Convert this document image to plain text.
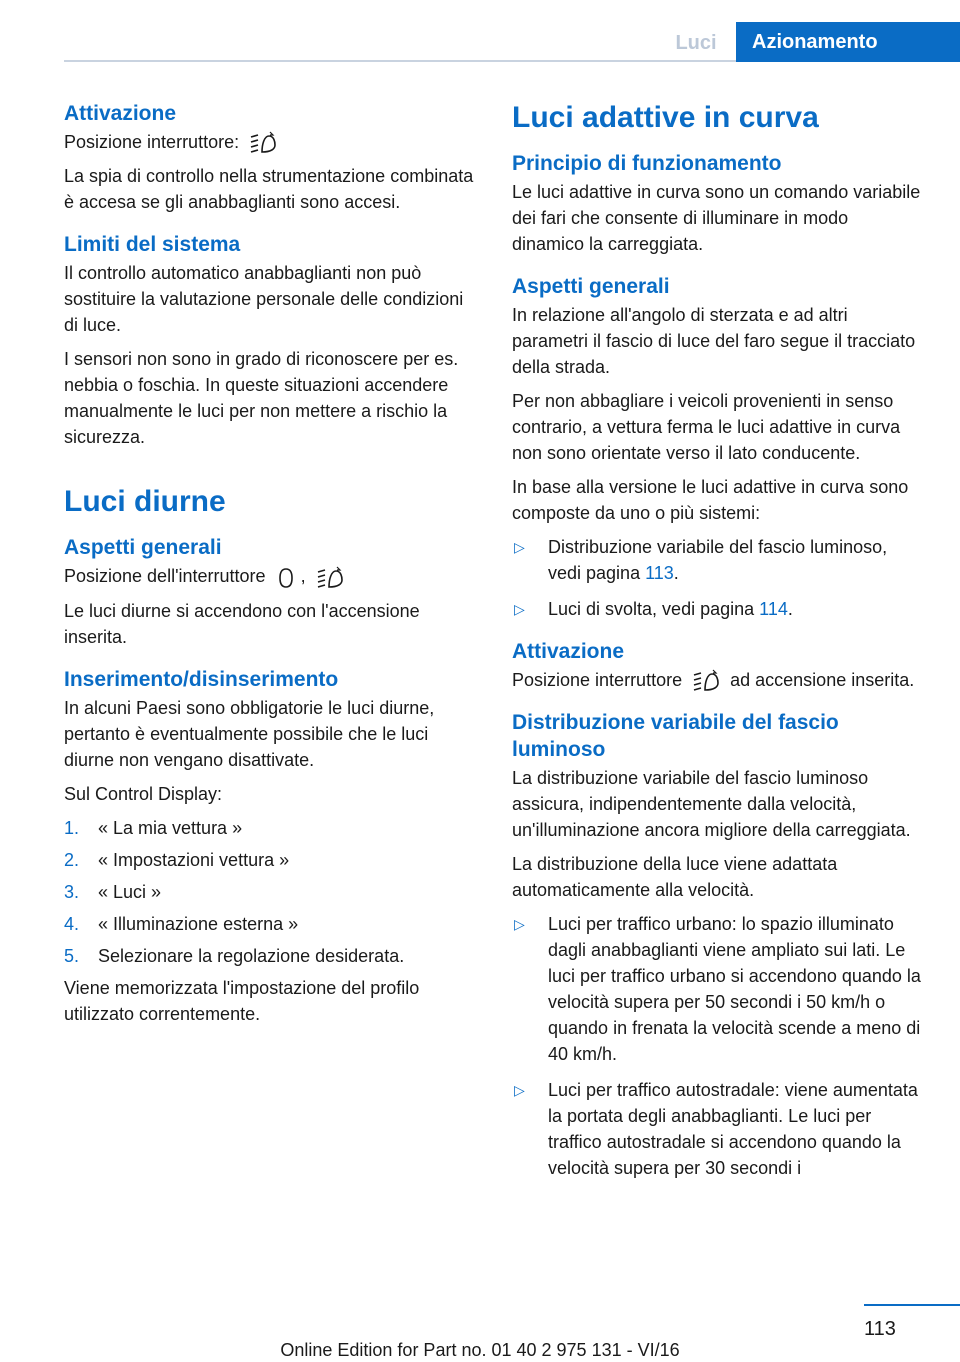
Luci	Azionamento
Attivazione

Posizione interruttore:

La spia di controllo nella strumentazione combinata è accesa se gli anabbaglianti sono accesi.

Limiti del sistema

Il controllo automatico anabbaglianti non può sostituire la valutazione personale delle condizioni di luce.

I sensori non sono in grado di riconoscere per es. nebbia o foschia. In queste situazioni accendere manualmente le luci per non mettere a rischio la sicurezza.

Luci diurne
Aspetti generali

Posizione dell'interruttore ,

Le luci diurne si accendono con l'accensione inserita.

Inserimento/disinserimento

In alcuni Paesi sono obbligatorie le luci diurne, pertanto è eventualmente possibile che le luci diurne non vengano disattivate.

Sul Control Display:

1.	« La mia vettura »
2.	« Impostazioni vettura »
3.	« Luci »
4.	« Illuminazione esterna »
5.	Selezionare la regolazione desiderata.

Viene memorizzata l'impostazione del profilo utilizzato correntemente.

Luci adattive in curva
Principio di funzionamento

Le luci adattive in curva sono un comando variabile dei fari che consente di illuminare in modo dinamico la carreggiata.

Aspetti generali

In relazione all'angolo di sterzata e ad altri parametri il fascio di luce del faro segue il tracciato della strada.

Per non abbagliare i veicoli provenienti in senso contrario, a vettura ferma le luci adattive in curva non sono orientate verso il lato conducente.

In base alla versione le luci adattive in curva sono composte da uno o più sistemi:

▷	Distribuzione variabile del fascio luminoso, vedi pagina 113.
▷	Luci di svolta, vedi pagina 114.
Attivazione

Posizione interruttore	ad accensione inserita.

Distribuzione variabile del fascio luminoso

La distribuzione variabile del fascio luminoso assicura, indipendentemente dalla velocità, un'illuminazione ancora migliore della carreggiata.

La distribuzione della luce viene adattata automaticamente alla velocità.

▷	Luci per traffico urbano: lo spazio illuminato dagli anabbaglianti viene ampliato sui lati. Le luci per traffico urbano si accendono quando la velocità supera per 50 secondi i 50 km/h o quando in frenata la velocità scende a meno di 40 km/h.
▷	Luci per traffico autostradale: viene aumentata la portata degli anabbaglianti. Le luci per traffico autostradale si accendono quando la velocità supera per 30 secondi i
113
Online Edition for Part no. 01 40 2 975 131 - VI/16
